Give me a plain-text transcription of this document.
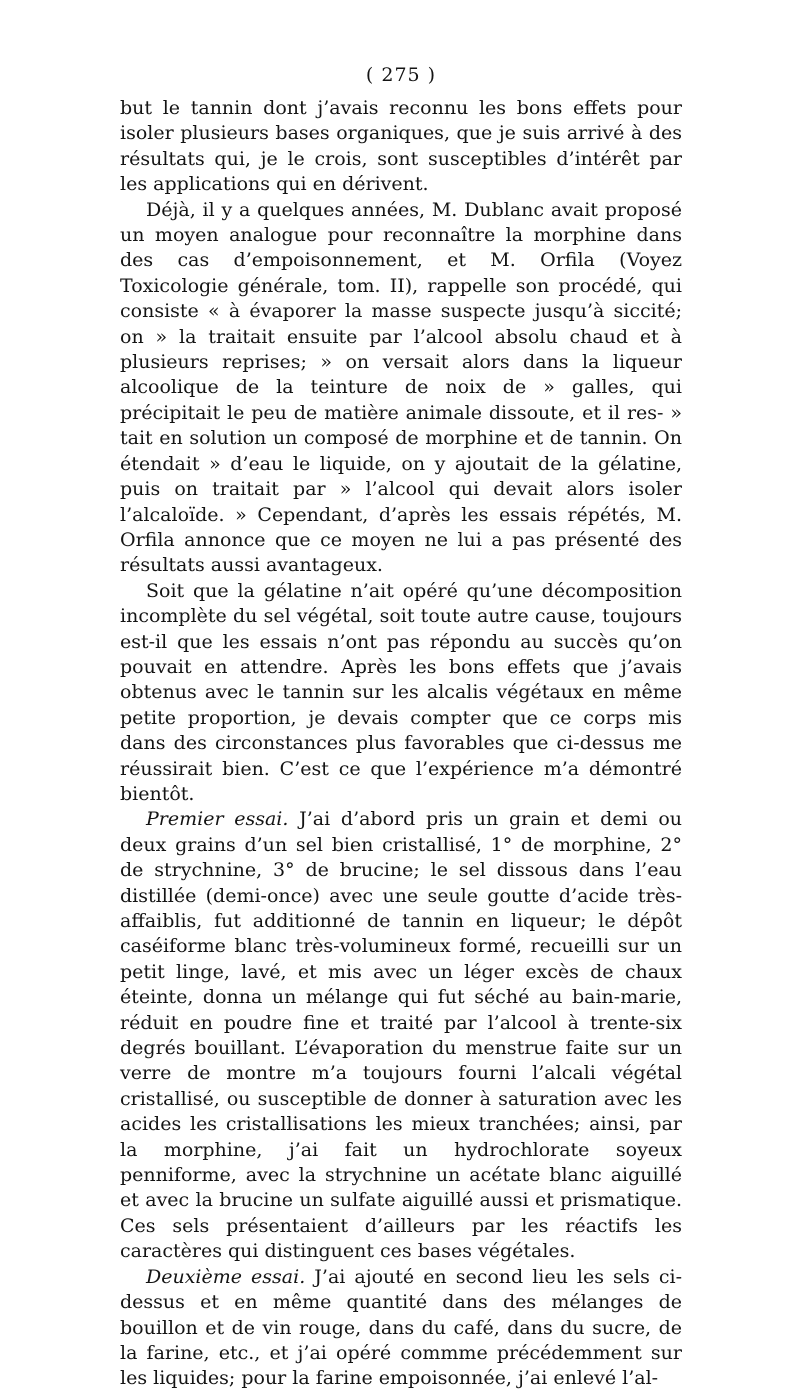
( 275 )

but le tannin dont j’avais reconnu les bons effets pour isoler plusieurs bases organiques, que je suis arrivé à des résultats qui, je le crois, sont susceptibles d’intérêt par les applications qui en dérivent.

Déjà, il y a quelques années, M. Dublanc avait proposé un moyen analogue pour reconnaître la morphine dans des cas d’empoisonnement, et M. Orfila (Voyez Toxicologie générale, tom. II), rappelle son procédé, qui consiste « à évaporer la masse suspecte jusqu’à siccité; on » la traitait ensuite par l’alcool absolu chaud et à plusieurs reprises; » on versait alors dans la liqueur alcoolique de la teinture de noix de » galles, qui précipitait le peu de matière animale dissoute, et il res- » tait en solution un composé de morphine et de tannin. On étendait » d’eau le liquide, on y ajoutait de la gélatine, puis on traitait par » l’alcool qui devait alors isoler l’alcaloïde. » Cependant, d’après les essais répétés, M. Orfila annonce que ce moyen ne lui a pas présenté des résultats aussi avantageux.

Soit que la gélatine n’ait opéré qu’une décomposition incomplète du sel végétal, soit toute autre cause, toujours est-il que les essais n’ont pas répondu au succès qu’on pouvait en attendre. Après les bons effets que j’avais obtenus avec le tannin sur les alcalis végétaux en même petite proportion, je devais compter que ce corps mis dans des circonstances plus favorables que ci-dessus me réussirait bien. C’est ce que l’expérience m’a démontré bientôt.

Premier essai. J’ai d’abord pris un grain et demi ou deux grains d’un sel bien cristallisé, 1° de morphine, 2° de strychnine, 3° de brucine; le sel dissous dans l’eau distillée (demi-once) avec une seule goutte d’acide très-affaiblis, fut additionné de tannin en liqueur; le dépôt caséiforme blanc très-volumineux formé, recueilli sur un petit linge, lavé, et mis avec un léger excès de chaux éteinte, donna un mélange qui fut séché au bain-marie, réduit en poudre fine et traité par l’alcool à trente-six degrés bouillant. L’évaporation du menstrue faite sur un verre de montre m’a toujours fourni l’alcali végétal cristallisé, ou susceptible de donner à saturation avec les acides les cristallisations les mieux tranchées; ainsi, par la morphine, j’ai fait un hydrochlorate soyeux penniforme, avec la strychnine un acétate blanc aiguillé et avec la brucine un sulfate aiguillé aussi et prismatique. Ces sels présentaient d’ailleurs par les réactifs les caractères qui distinguent ces bases végétales.

Deuxième essai. J’ai ajouté en second lieu les sels ci-dessus et en même quantité dans des mélanges de bouillon et de vin rouge, dans du café, dans du sucre, de la farine, etc., et j’ai opéré commme précédemment sur les liquides; pour la farine empoisonnée, j’ai enlevé l’al-
